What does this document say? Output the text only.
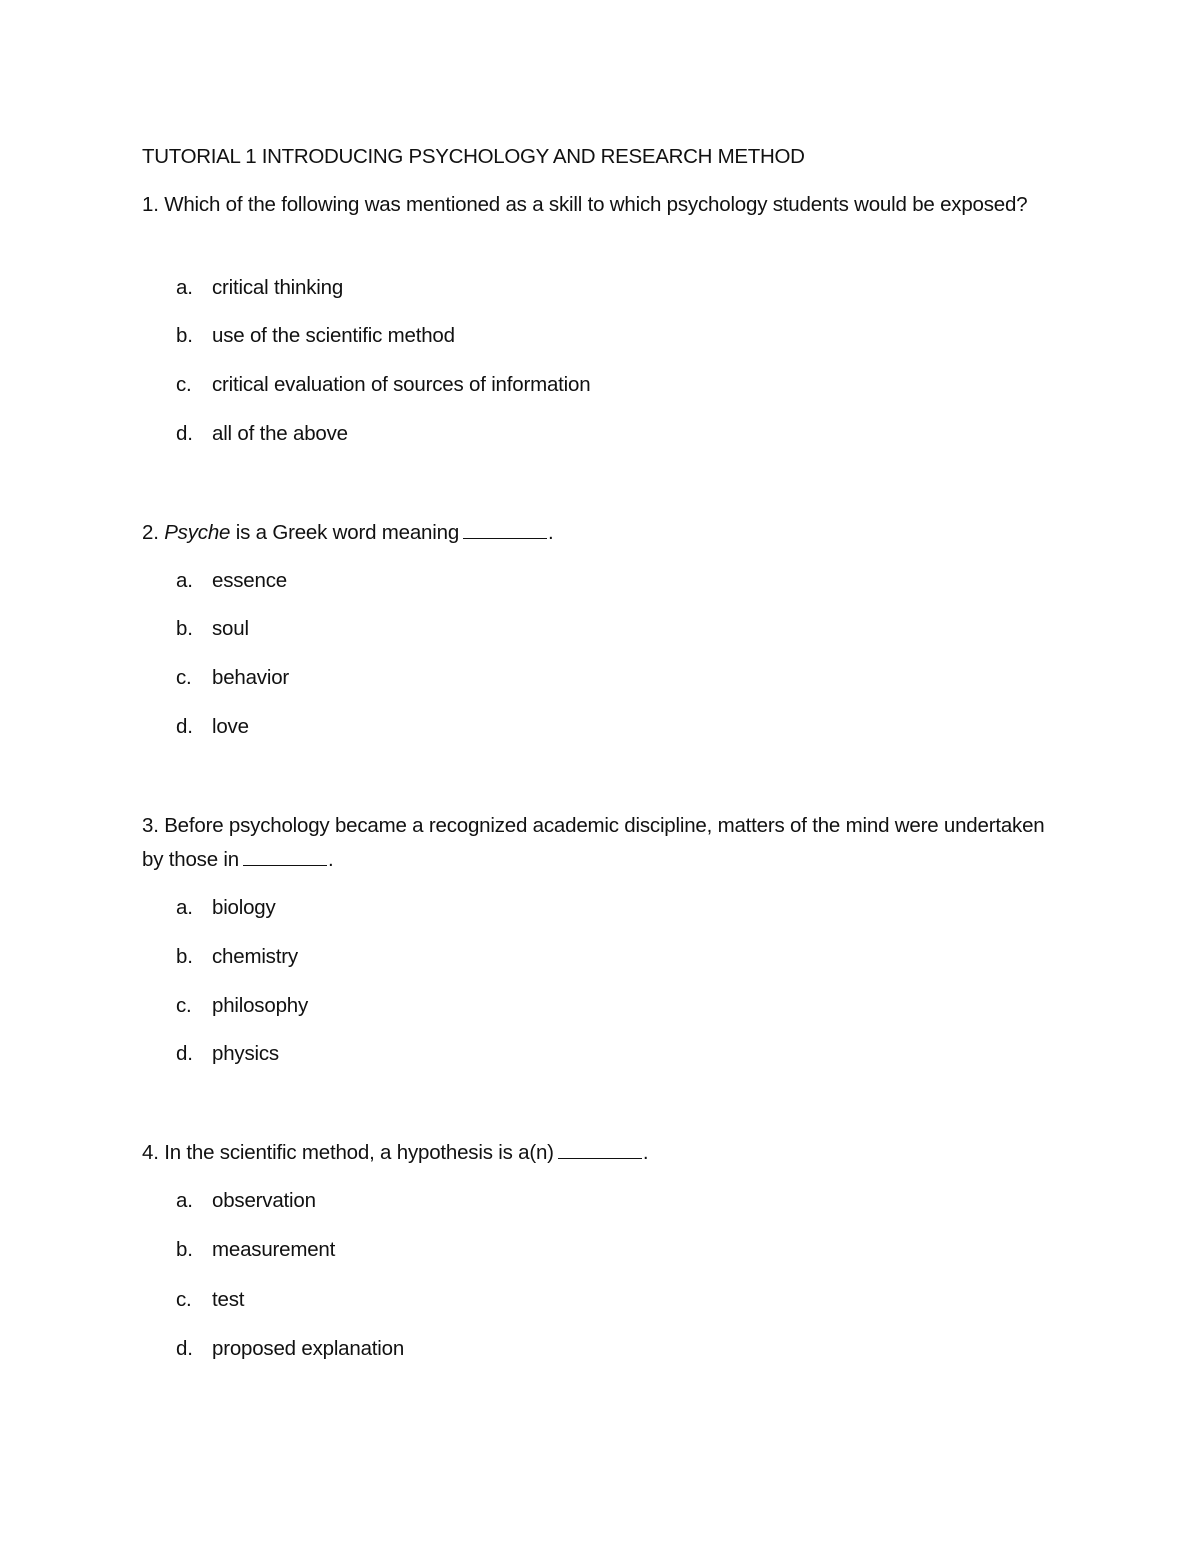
TUTORIAL 1 INTRODUCING PSYCHOLOGY AND RESEARCH METHOD
1. Which of the following was mentioned as a skill to which psychology students would be exposed?
a. critical thinking
b. use of the scientific method
c. critical evaluation of sources of information
d. all of the above
2. Psyche is a Greek word meaning	.
a. essence
b. soul
c. behavior
d. love
3. Before psychology became a recognized academic discipline, matters of the mind were undertaken by those in	.
a. biology
b. chemistry
c. philosophy
d. physics
4. In the scientific method, a hypothesis is a(n)	.
a. observation
b. measurement
c. test
d. proposed explanation
